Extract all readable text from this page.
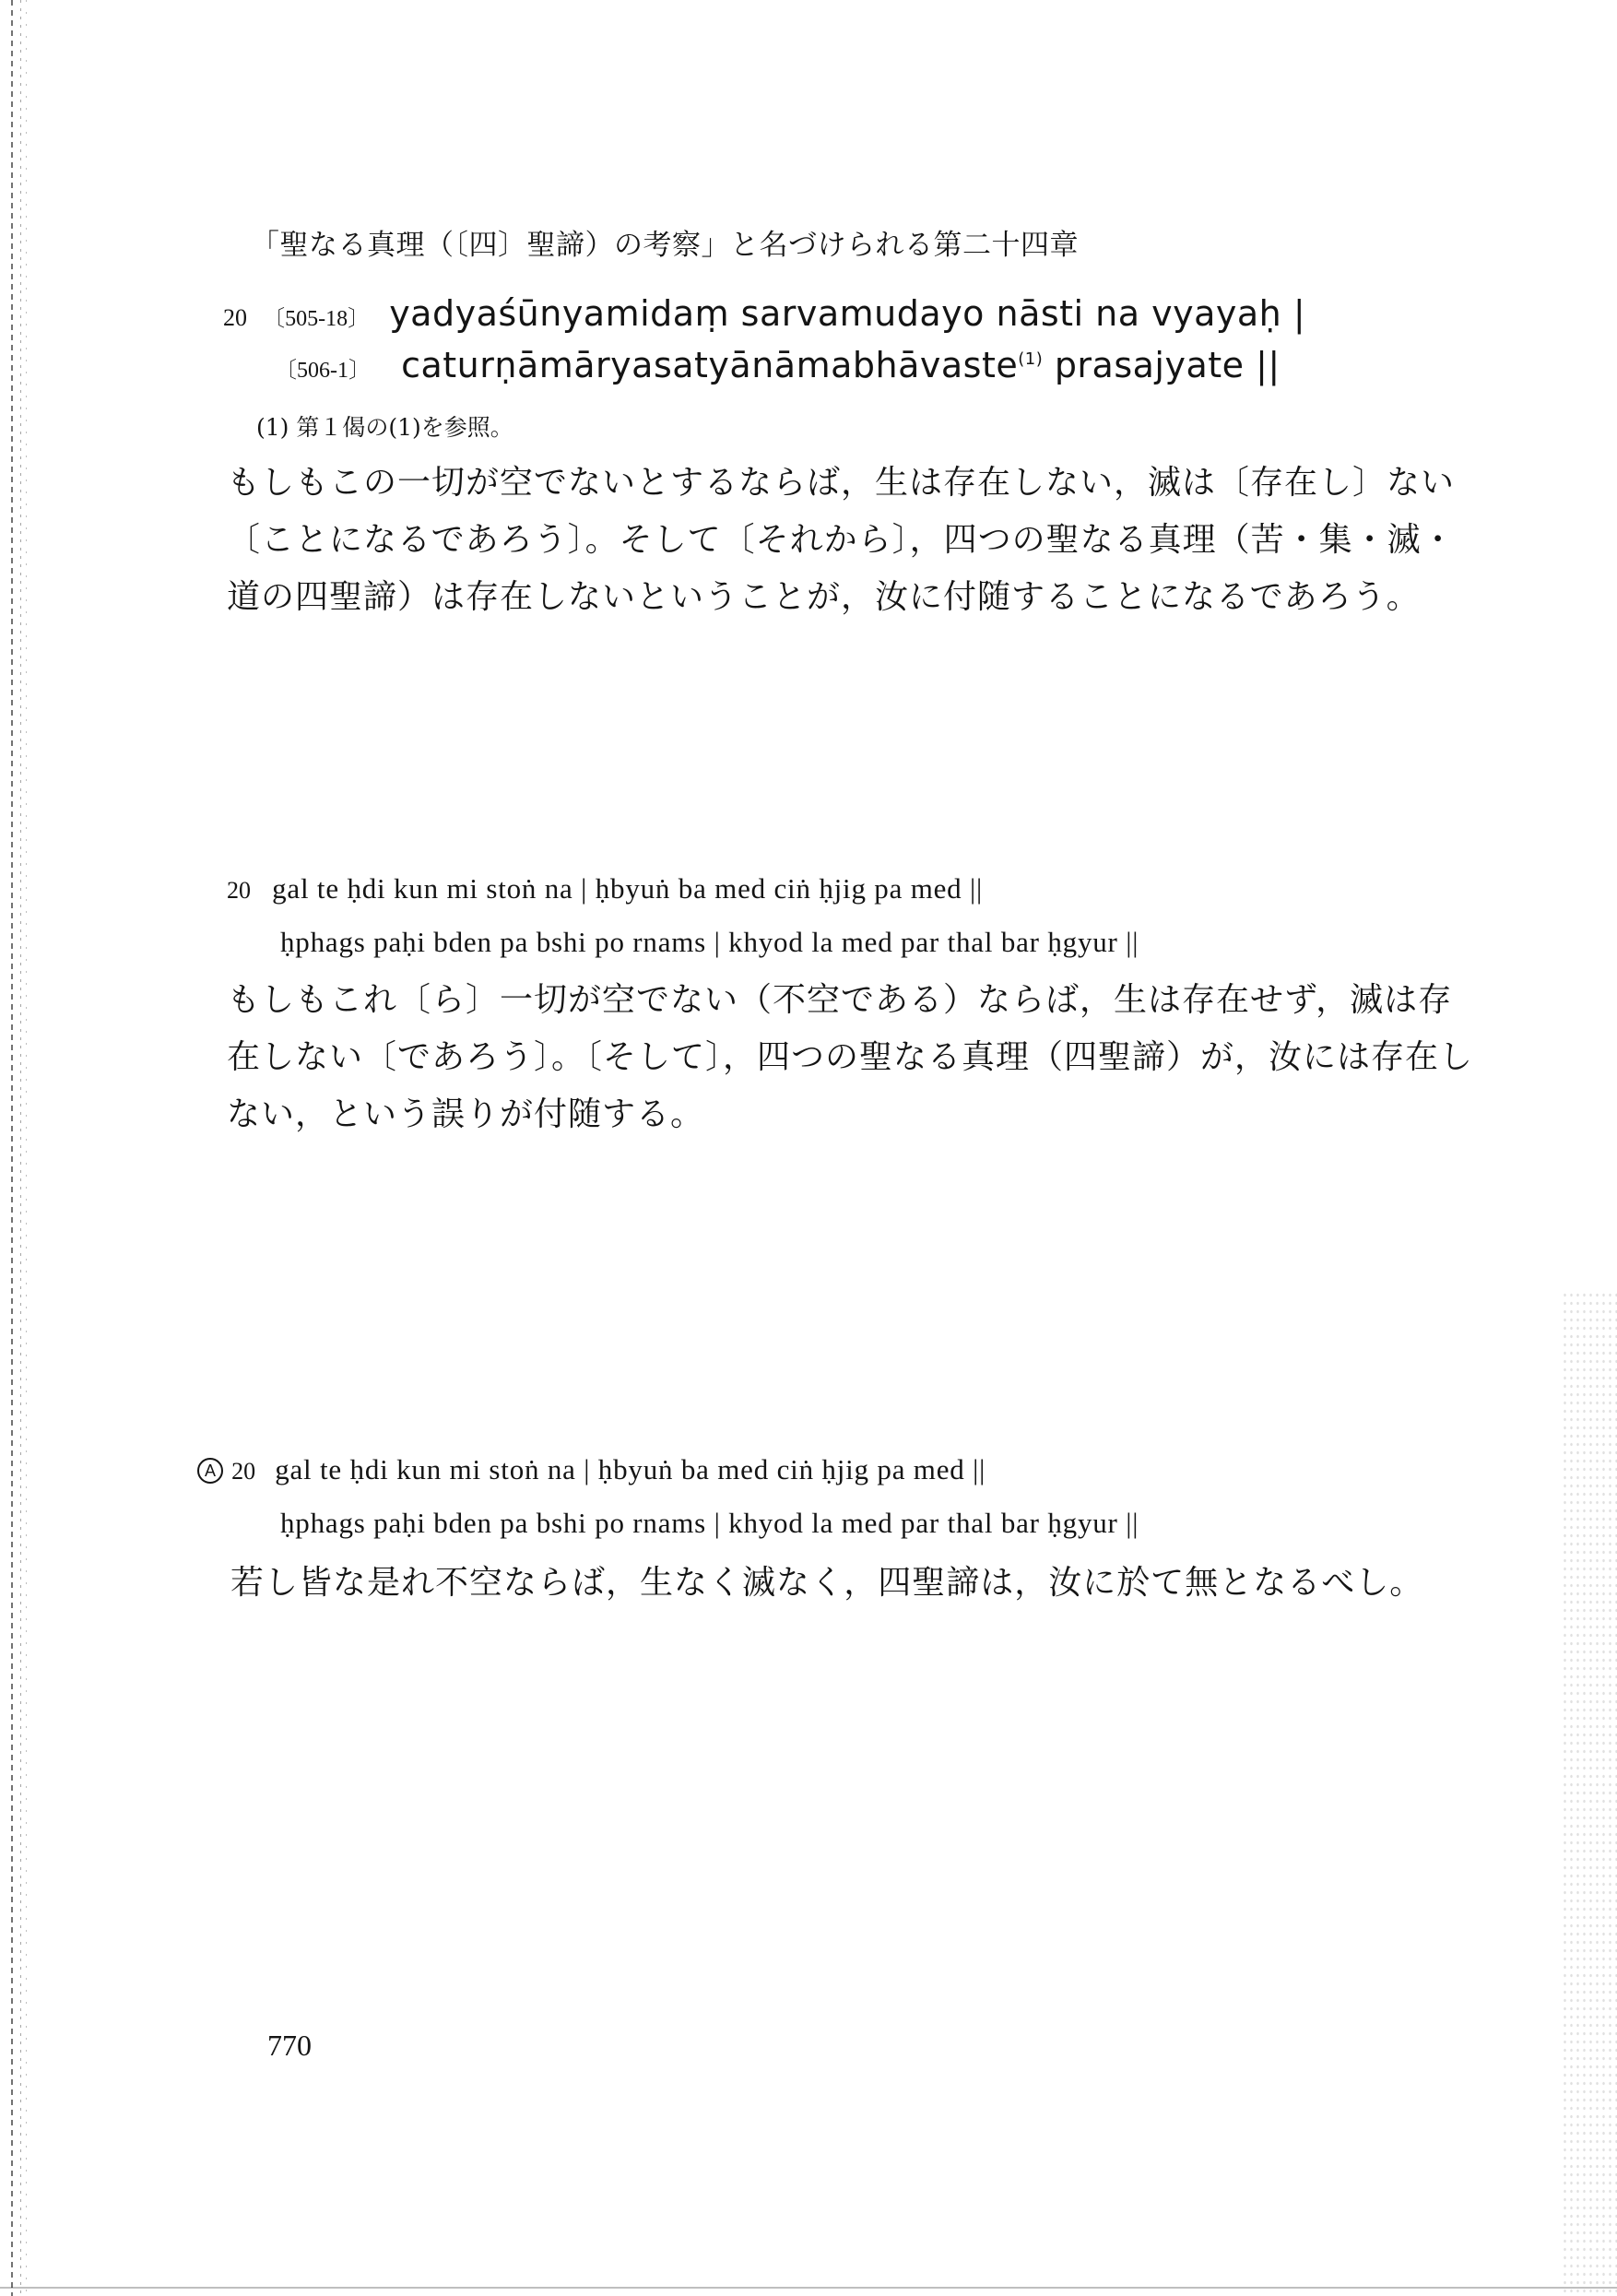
「聖なる真理（〔四〕聖諦）の考察」と名づけられる第二十四章

20 〔505-18〕 yadyaśūnyamidaṃ sarvamudayo nāsti na vyayaḥ |
〔506-1〕 caturṇāmāryasatyānāmabhāvaste(1) prasajyate ||

(1) 第１偈の(1)を参照。

もしもこの一切が空でないとするならば，生は存在しない，滅は〔存在し〕ない
〔ことになるであろう〕。そして〔それから〕，四つの聖なる真理（苦・集・滅・
道の四聖諦）は存在しないということが，汝に付随することになるであろう。
20 gal te ḥdi kun mi stoṅ na | ḥbyuṅ ba med ciṅ ḥjig pa med ||
ḥphags paḥi bden pa bshi po rnams | khyod la med par thal bar ḥgyur ||
もしもこれ〔ら〕一切が空でない（不空である）ならば，生は存在せず，滅は存
在しない〔であろう〕。〔そして〕，四つの聖なる真理（四聖諦）が，汝には存在し
ない，という誤りが付随する。
A 20 gal te ḥdi kun mi stoṅ na | ḥbyuṅ ba med ciṅ ḥjig pa med ||
ḥphags paḥi bden pa bshi po rnams | khyod la med par thal bar ḥgyur ||
若し皆な是れ不空ならば，生なく滅なく，四聖諦は，汝に於て無となるべし。

770
